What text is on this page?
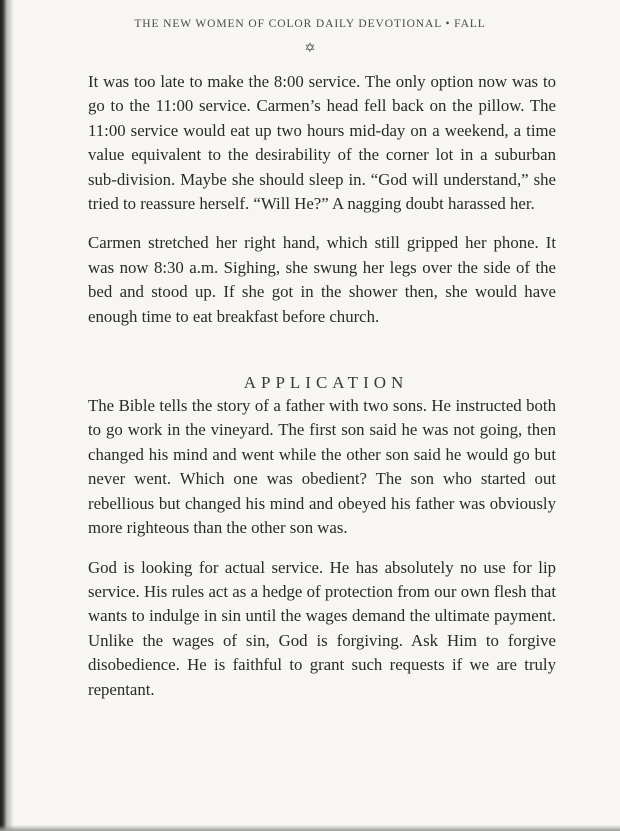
THE NEW WOMEN OF COLOR DAILY DEVOTIONAL • FALL
✡

It was too late to make the 8:00 service. The only option now was to go to the 11:00 service. Carmen’s head fell back on the pillow. The 11:00 service would eat up two hours mid-day on a weekend, a time value equivalent to the desirability of the corner lot in a suburban sub-division. Maybe she should sleep in. “God will understand,” she tried to reassure herself. “Will He?” A nagging doubt harassed her.

Carmen stretched her right hand, which still gripped her phone. It was now 8:30 a.m. Sighing, she swung her legs over the side of the bed and stood up. If she got in the shower then, she would have enough time to eat breakfast before church.

APPLICATION

The Bible tells the story of a father with two sons. He instructed both to go work in the vineyard. The first son said he was not going, then changed his mind and went while the other son said he would go but never went. Which one was obedient? The son who started out rebellious but changed his mind and obeyed his father was obviously more righteous than the other son was.

God is looking for actual service. He has absolutely no use for lip service. His rules act as a hedge of protection from our own flesh that wants to indulge in sin until the wages demand the ultimate payment. Unlike the wages of sin, God is forgiving. Ask Him to forgive disobedience. He is faithful to grant such requests if we are truly repentant.
